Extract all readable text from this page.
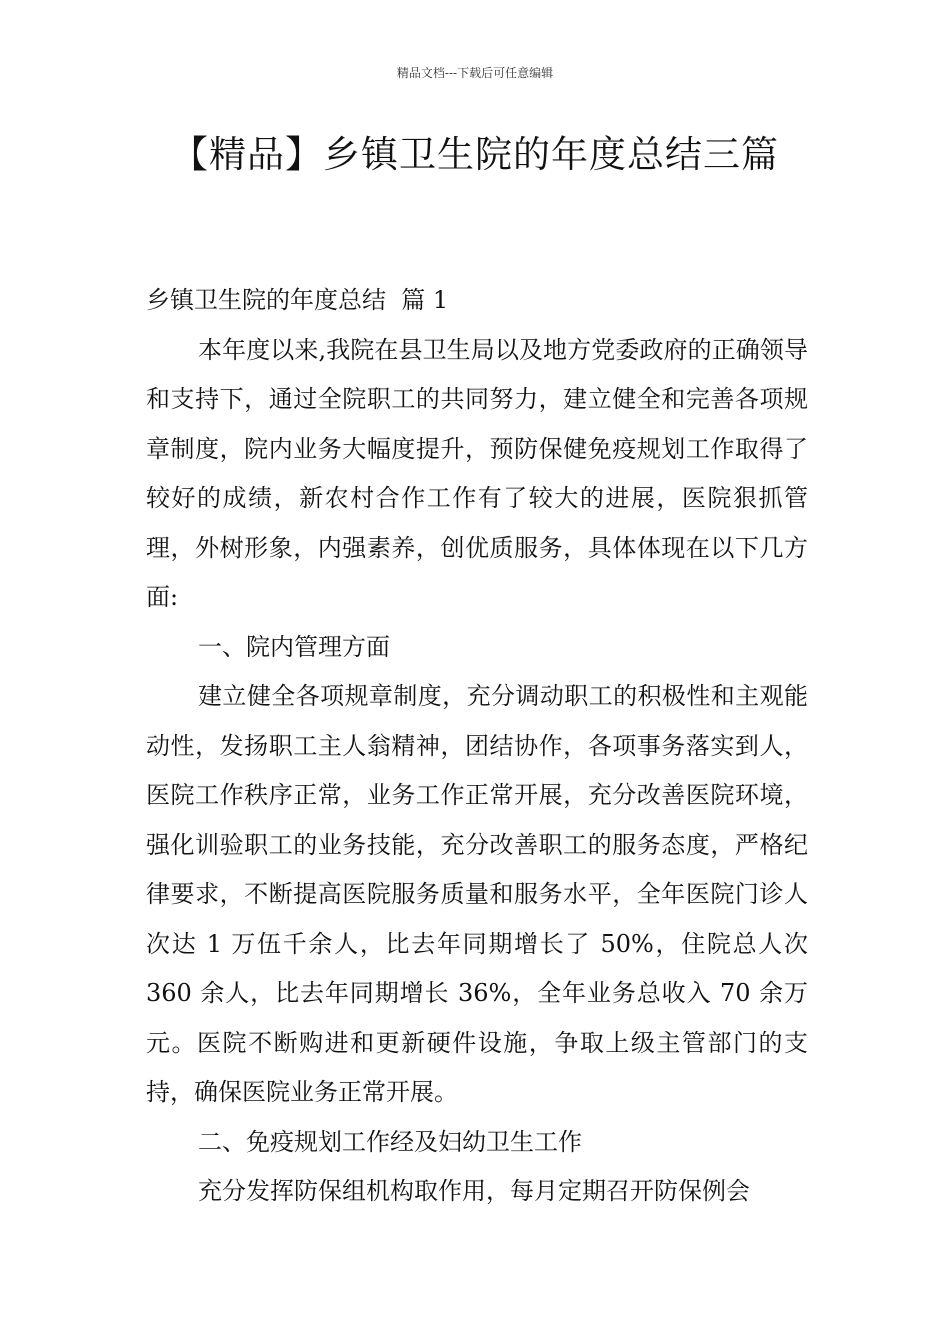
精品文档---下载后可任意编辑
【精品】乡镇卫生院的年度总结三篇

乡镇卫生院的年度总结  篇 1

本年度以来,我院在县卫生局以及地方党委政府的正确领导和支持下，通过全院职工的共同努力，建立健全和完善各项规章制度，院内业务大幅度提升，预防保健免疫规划工作取得了较好的成绩，新农村合作工作有了较大的进展，医院狠抓管理，外树形象，内强素养，创优质服务，具体体现在以下几方面:

一、院内管理方面

建立健全各项规章制度，充分调动职工的积极性和主观能动性，发扬职工主人翁精神，团结协作，各项事务落实到人，医院工作秩序正常，业务工作正常开展，充分改善医院环境，强化训验职工的业务技能，充分改善职工的服务态度，严格纪律要求，不断提高医院服务质量和服务水平，全年医院门诊人次达 1 万伍千余人，比去年同期增长了 50%，住院总人次 360 余人，比去年同期增长 36%，全年业务总收入 70 余万元。医院不断购进和更新硬件设施，争取上级主管部门的支持，确保医院业务正常开展。

二、免疫规划工作经及妇幼卫生工作

充分发挥防保组机构取作用，每月定期召开防保例会
